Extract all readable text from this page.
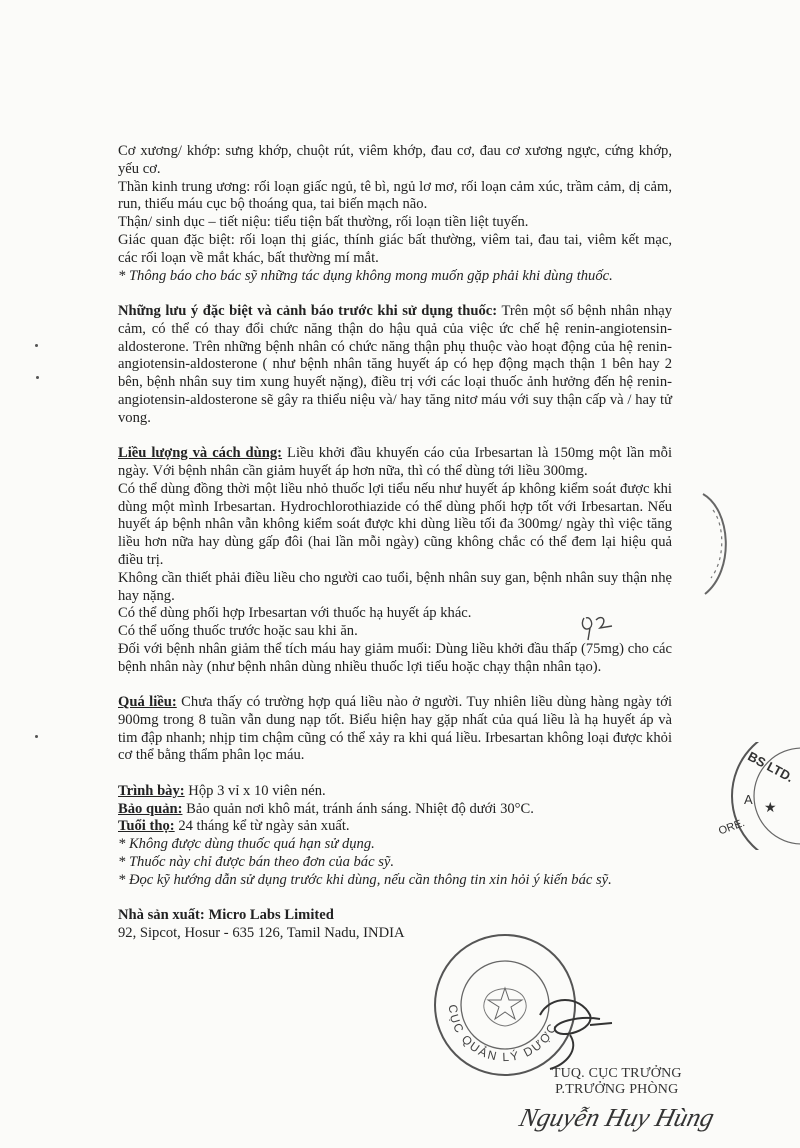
Cơ xương/ khớp: sưng khớp, chuột rút, viêm khớp, đau cơ, đau cơ xương ngực, cứng khớp, yếu cơ.
Thần kinh trung ương: rối loạn giấc ngủ, tê bì, ngủ lơ mơ, rối loạn cảm xúc, trầm cảm, dị cảm, run, thiếu máu cục bộ thoáng qua, tai biến mạch não.
Thận/ sinh dục – tiết niệu: tiểu tiện bất thường, rối loạn tiền liệt tuyến.
Giác quan đặc biệt: rối loạn thị giác, thính giác bất thường, viêm tai, đau tai, viêm kết mạc, các rối loạn về mắt khác, bất thường mí mắt.
* Thông báo cho bác sỹ những tác dụng không mong muốn gặp phải khi dùng thuốc.
Những lưu ý đặc biệt và cảnh báo trước khi sử dụng thuốc: Trên một số bệnh nhân nhạy cảm, có thể có thay đổi chức năng thận do hậu quả của việc ức chế hệ renin-angiotensin-aldosterone. Trên những bệnh nhân có chức năng thận phụ thuộc vào hoạt động của hệ renin-angiotensin-aldosterone ( như bệnh nhân tăng huyết áp có hẹp động mạch thận 1 bên hay 2 bên, bệnh nhân suy tim xung huyết nặng), điều trị với các loại thuốc ảnh hưởng đến hệ renin-angiotensin-aldosterone sẽ gây ra thiểu niệu và/ hay tăng nitơ máu với suy thận cấp và / hay tử vong.
Liều lượng và cách dùng: Liều khởi đầu khuyến cáo của Irbesartan là 150mg một lần mỗi ngày. Với bệnh nhân cần giảm huyết áp hơn nữa, thì có thể dùng tới liều 300mg.
Có thể dùng đồng thời một liều nhỏ thuốc lợi tiểu nếu như huyết áp không kiểm soát được khi dùng một mình Irbesartan. Hydrochlorothiazide có thể dùng phối hợp tốt với Irbesartan. Nếu huyết áp bệnh nhân vẫn không kiểm soát được khi dùng liều tối đa 300mg/ ngày thì việc tăng liều hơn nữa hay dùng gấp đôi (hai lần mỗi ngày) cũng không chắc có thể đem lại hiệu quả điều trị.
Không cần thiết phải điều liều cho người cao tuổi, bệnh nhân suy gan, bệnh nhân suy thận nhẹ hay nặng.
Có thể dùng phối hợp Irbesartan với thuốc hạ huyết áp khác.
Có thể uống thuốc trước hoặc sau khi ăn.
Đối với bệnh nhân giảm thể tích máu hay giảm muối: Dùng liều khởi đầu thấp (75mg) cho các bệnh nhân này (như bệnh nhân dùng nhiều thuốc lợi tiểu hoặc chạy thận nhân tạo).
Quá liều: Chưa thấy có trường hợp quá liều nào ở người. Tuy nhiên liều dùng hàng ngày tới 900mg trong 8 tuần vẫn dung nạp tốt. Biểu hiện hay gặp nhất của quá liều là hạ huyết áp và tim đập nhanh; nhịp tim chậm cũng có thể xảy ra khi quá liều. Irbesartan không loại được khỏi cơ thể bằng thẩm phân lọc máu.
Trình bày: Hộp 3 vỉ x 10 viên nén.
Bảo quản: Bảo quản nơi khô mát, tránh ánh sáng. Nhiệt độ dưới 30°C.
Tuổi thọ: 24 tháng kể từ ngày sản xuất.
* Không được dùng thuốc quá hạn sử dụng.
* Thuốc này chỉ được bán theo đơn của bác sỹ.
* Đọc kỹ hướng dẫn sử dụng trước khi dùng, nếu cần thông tin xin hỏi ý kiến bác sỹ.
Nhà sản xuất: Micro Labs Limited
92, Sipcot, Hosur - 635 126, Tamil Nadu, INDIA
BS LTD.
A ★
ORE.
CỤC QUẢN LÝ DƯỢC
TUQ. CỤC TRƯỞNG
P.TRƯỞNG PHÒNG
Nguyễn Huy Hùng
